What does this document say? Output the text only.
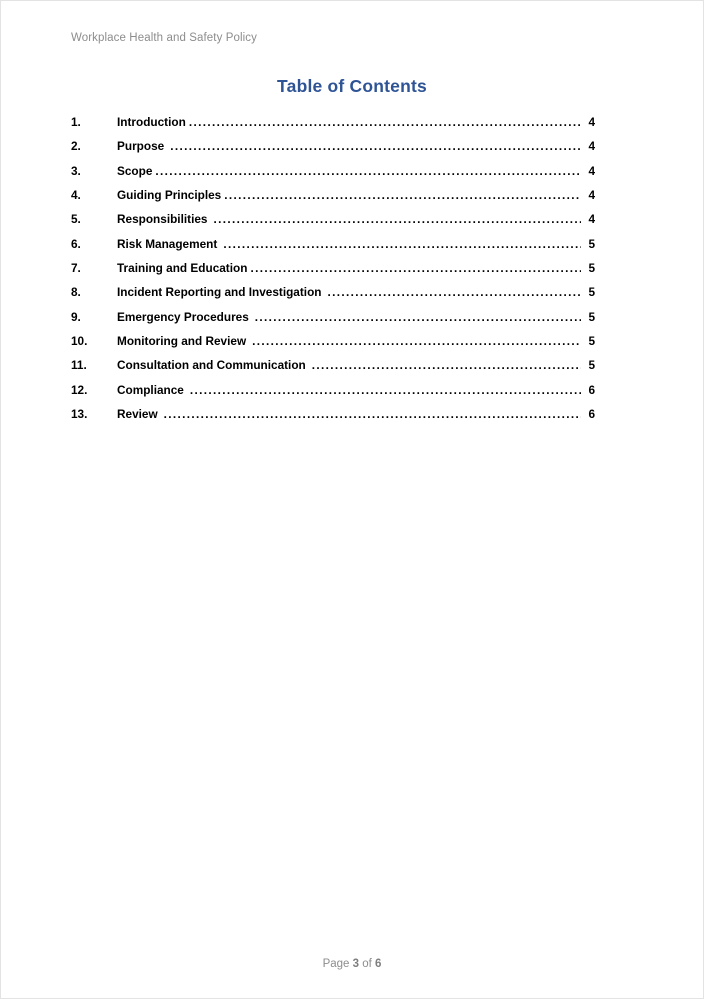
Workplace Health and Safety Policy
Table of Contents
1.	Introduction .....	4
2.	Purpose .....	4
3.	Scope .....	4
4.	Guiding Principles .....	4
5.	Responsibilities .....	4
6.	Risk Management .....	5
7.	Training and Education .....	5
8.	Incident Reporting and Investigation .....	5
9.	Emergency Procedures .....	5
10.	Monitoring and Review .....	5
11.	Consultation and Communication .....	5
12.	Compliance .....	6
13.	Review .....	6
Page 3 of 6
